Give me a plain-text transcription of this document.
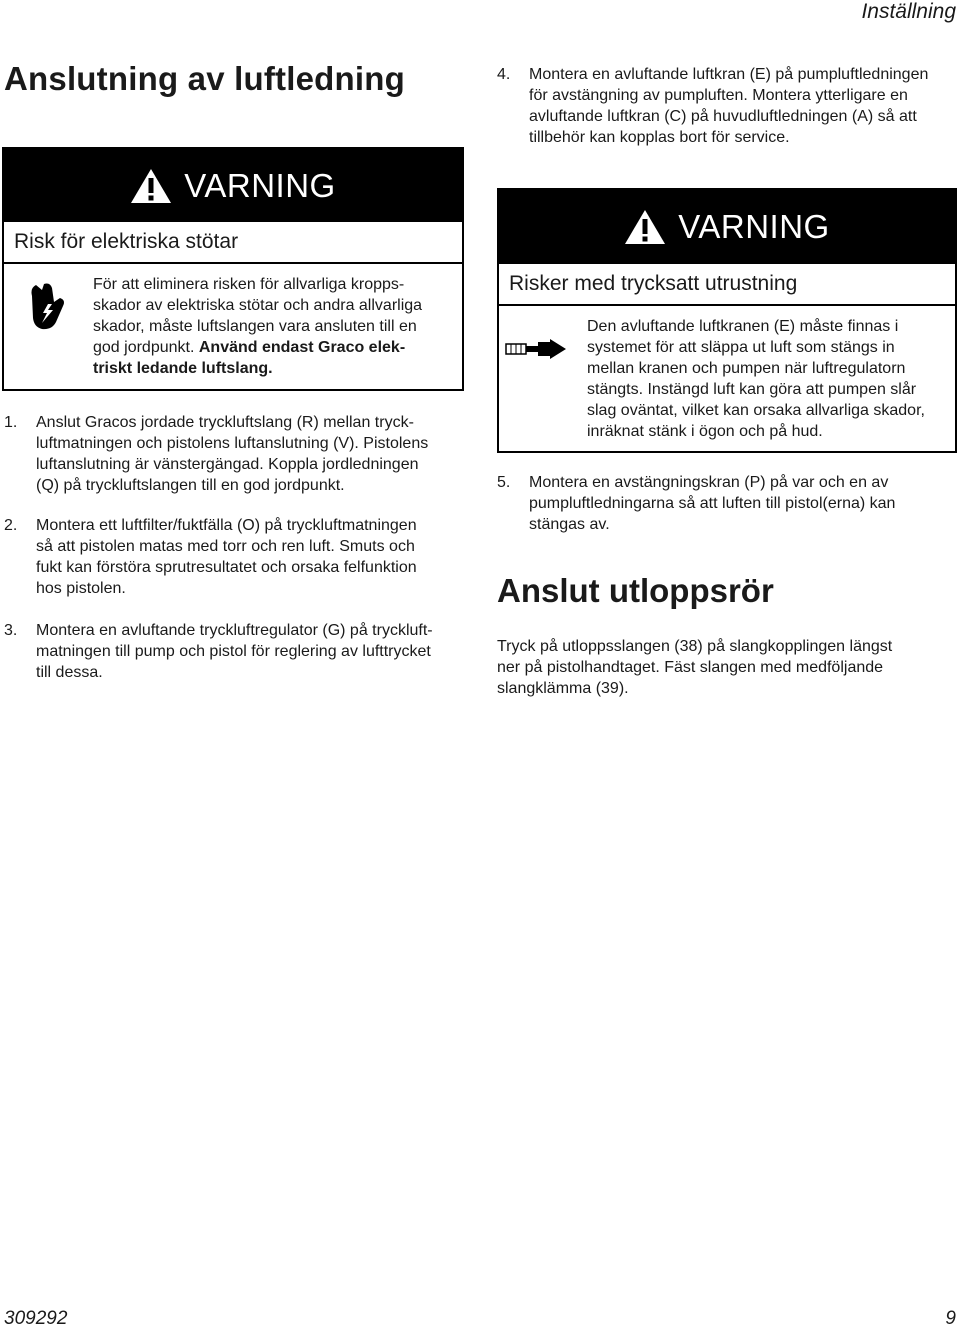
Inställning
Anslutning av luftledning
VARNING
Risk för elektriska stötar
För att eliminera risken för allvarliga kropps-
skador av elektriska stötar och andra allvarliga
skador, måste luftslangen vara ansluten till en
god jordpunkt. Använd endast Graco elek-
triskt ledande luftslang.
1. Anslut Gracos jordade tryckluftslang (R) mellan tryck-
luftmatningen och pistolens luftanslutning (V). Pistolens
luftanslutning är vänstergängad. Koppla jordledningen
(Q) på tryckluftslangen till en god jordpunkt.
2. Montera ett luftfilter/fuktfälla (O) på tryckluftmatningen
så att pistolen matas med torr och ren luft. Smuts och
fukt kan förstöra sprutresultatet och orsaka felfunktion
hos pistolen.
3. Montera en avluftande tryckluftregulator (G) på tryckluft-
matningen till pump och pistol för reglering av lufttrycket
till dessa.
4. Montera en avluftande luftkran (E) på pumpluftledningen
för avstängning av pumpluften. Montera ytterligare en
avluftande luftkran (C) på huvudluftledningen (A) så att
tillbehör kan kopplas bort för service.
VARNING
Risker med trycksatt utrustning
Den avluftande luftkranen (E) måste finnas i
systemet för att släppa ut luft som stängs in
mellan kranen och pumpen när luftregulatorn
stängts. Instängd luft kan göra att pumpen slår
slag oväntat, vilket kan orsaka allvarliga skador,
inräknat stänk i ögon och på hud.
5. Montera en avstängningskran (P) på var och en av
pumpluftledningarna så att luften till pistol(erna) kan
stängas av.
Anslut utloppsrör
Tryck på utloppsslangen (38) på slangkopplingen längst
ner på pistolhandtaget. Fäst slangen med medföljande
slangklämma (39).
309292	9
